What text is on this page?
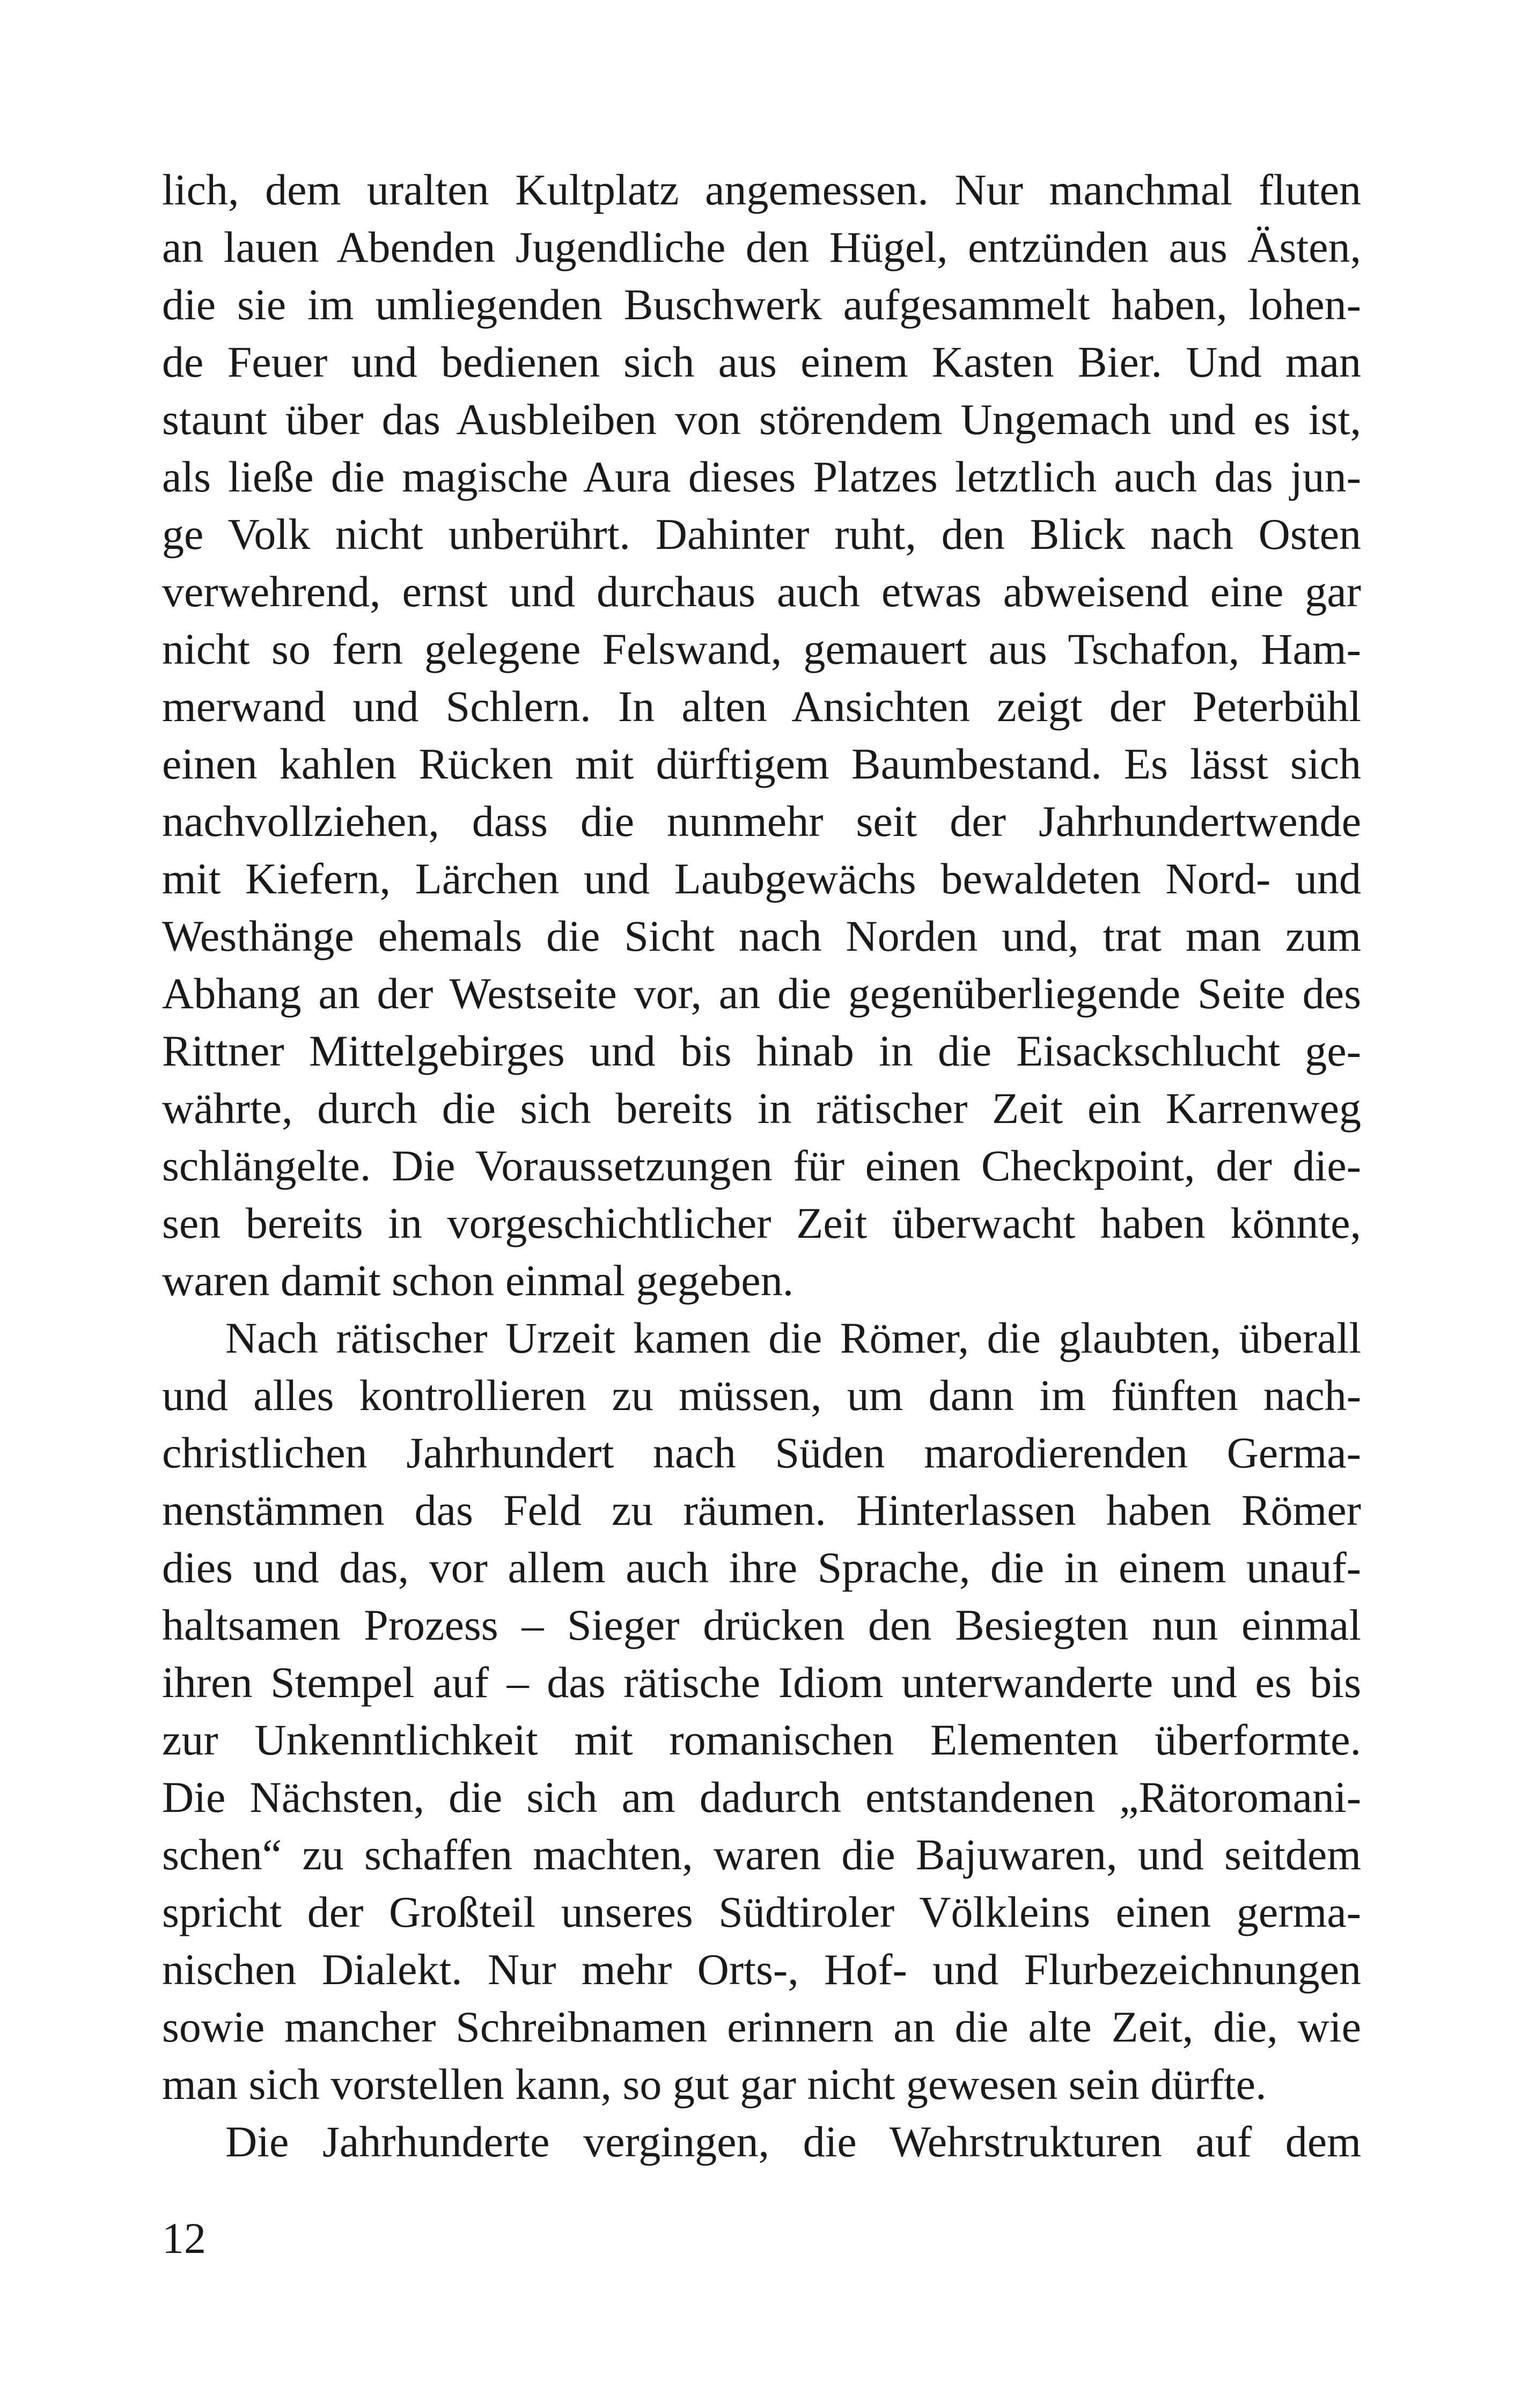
lich, dem uralten Kultplatz angemessen. Nur manchmal fluten
an lauen Abenden Jugendliche den Hügel, entzünden aus Ästen,
die sie im umliegenden Buschwerk aufgesammelt haben, lohen-
de Feuer und bedienen sich aus einem Kasten Bier. Und man
staunt über das Ausbleiben von störendem Ungemach und es ist,
als ließe die magische Aura dieses Platzes letztlich auch das jun-
ge Volk nicht unberührt. Dahinter ruht, den Blick nach Osten
verwehrend, ernst und durchaus auch etwas abweisend eine gar
nicht so fern gelegene Felswand, gemauert aus Tschafon, Ham-
merwand und Schlern. In alten Ansichten zeigt der Peterbühl
einen kahlen Rücken mit dürftigem Baumbestand. Es lässt sich
nachvollziehen, dass die nunmehr seit der Jahrhundertwende
mit Kiefern, Lärchen und Laubgewächs bewaldeten Nord- und
Westhänge ehemals die Sicht nach Norden und, trat man zum
Abhang an der Westseite vor, an die gegenüberliegende Seite des
Rittner Mittelgebirges und bis hinab in die Eisackschlucht ge-
währte, durch die sich bereits in rätischer Zeit ein Karrenweg
schlängelte. Die Voraussetzungen für einen Checkpoint, der die-
sen bereits in vorgeschichtlicher Zeit überwacht haben könnte,
waren damit schon einmal gegeben.
Nach rätischer Urzeit kamen die Römer, die glaubten, überall
und alles kontrollieren zu müssen, um dann im fünften nach-
christlichen Jahrhundert nach Süden marodierenden Germa-
nenstämmen das Feld zu räumen. Hinterlassen haben Römer
dies und das, vor allem auch ihre Sprache, die in einem unauf-
haltsamen Prozess – Sieger drücken den Besiegten nun einmal
ihren Stempel auf – das rätische Idiom unterwanderte und es bis
zur Unkenntlichkeit mit romanischen Elementen überformte.
Die Nächsten, die sich am dadurch entstandenen „Rätoromani-
schen“ zu schaffen machten, waren die Bajuwaren, und seitdem
spricht der Großteil unseres Südtiroler Völkleins einen germa-
nischen Dialekt. Nur mehr Orts-, Hof- und Flurbezeichnungen
sowie mancher Schreibnamen erinnern an die alte Zeit, die, wie
man sich vorstellen kann, so gut gar nicht gewesen sein dürfte.
Die Jahrhunderte vergingen, die Wehrstrukturen auf dem
12
